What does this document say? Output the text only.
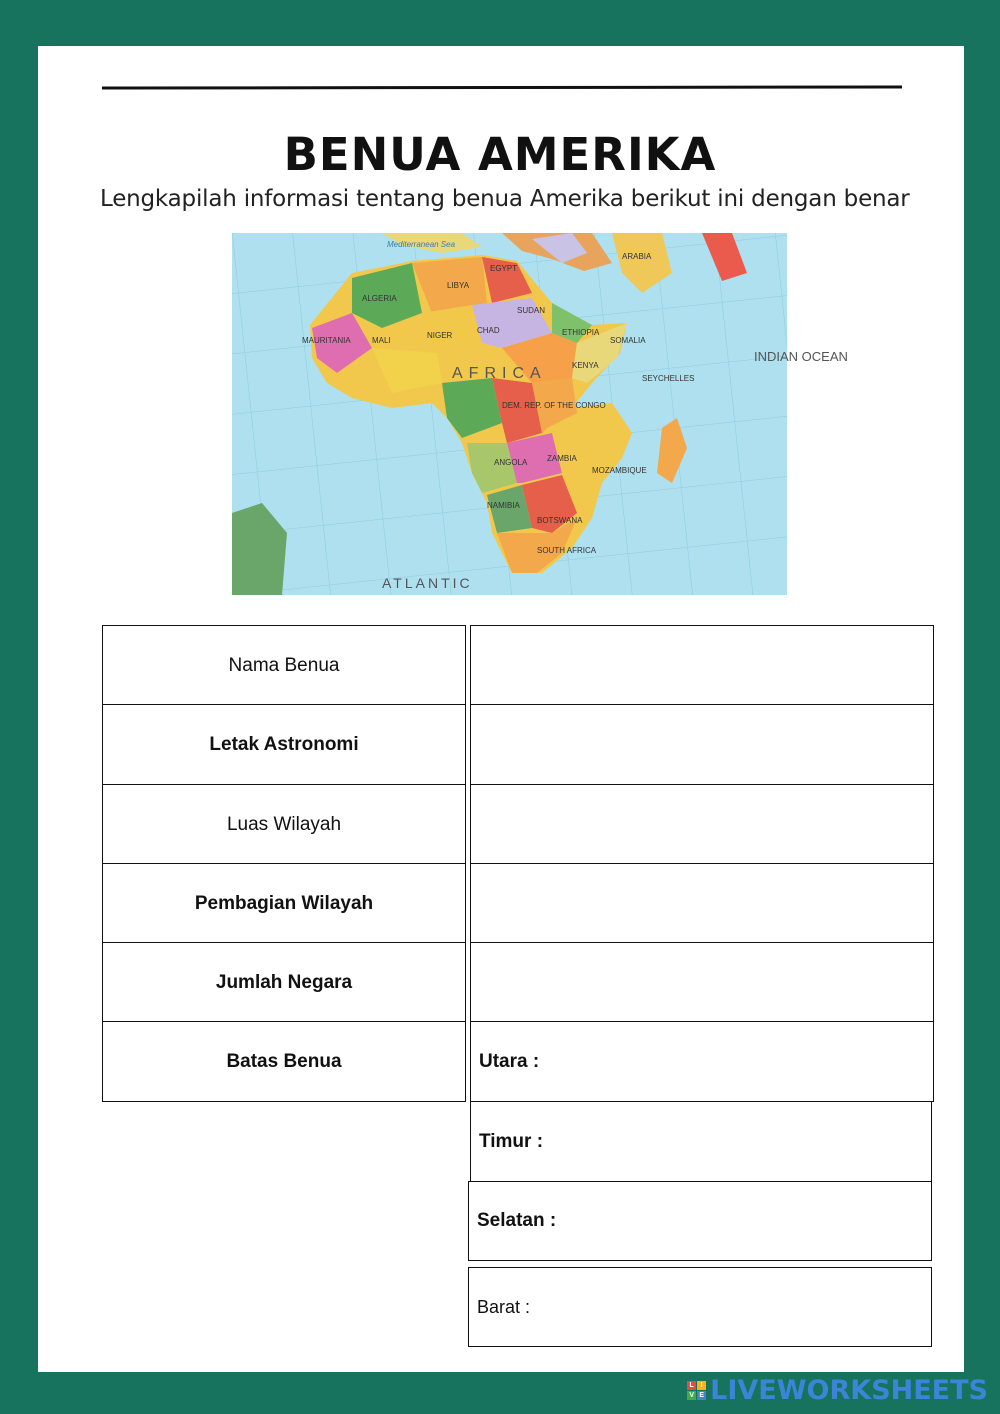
BENUA AMERIKA
Lengkapilah informasi tentang benua Amerika berikut ini dengan benar
Mediterranean Sea
LIBYA
EGYPT
ALGERIA
MAURITANIA	MALI
NIGER
CHAD
SUDAN
ETHIOPIA
SOMALIA
KENYA
AFRICA
DEM. REP. OF THE CONGO
ANGOLA ZAMBIA
MOZAMBIQUE
NAMIBIA
BOTSWANA
SOUTH AFRICA
SEYCHELLES
INDIAN OCEAN
ATLANTIC
ARABIA
Nama Benua
Letak Astronomi
Luas Wilayah
Pembagian Wilayah
Jumlah Negara
Batas Benua	Utara :
Timur :
Selatan :
Barat :
L I
V E LIVEWORKSHEETS
